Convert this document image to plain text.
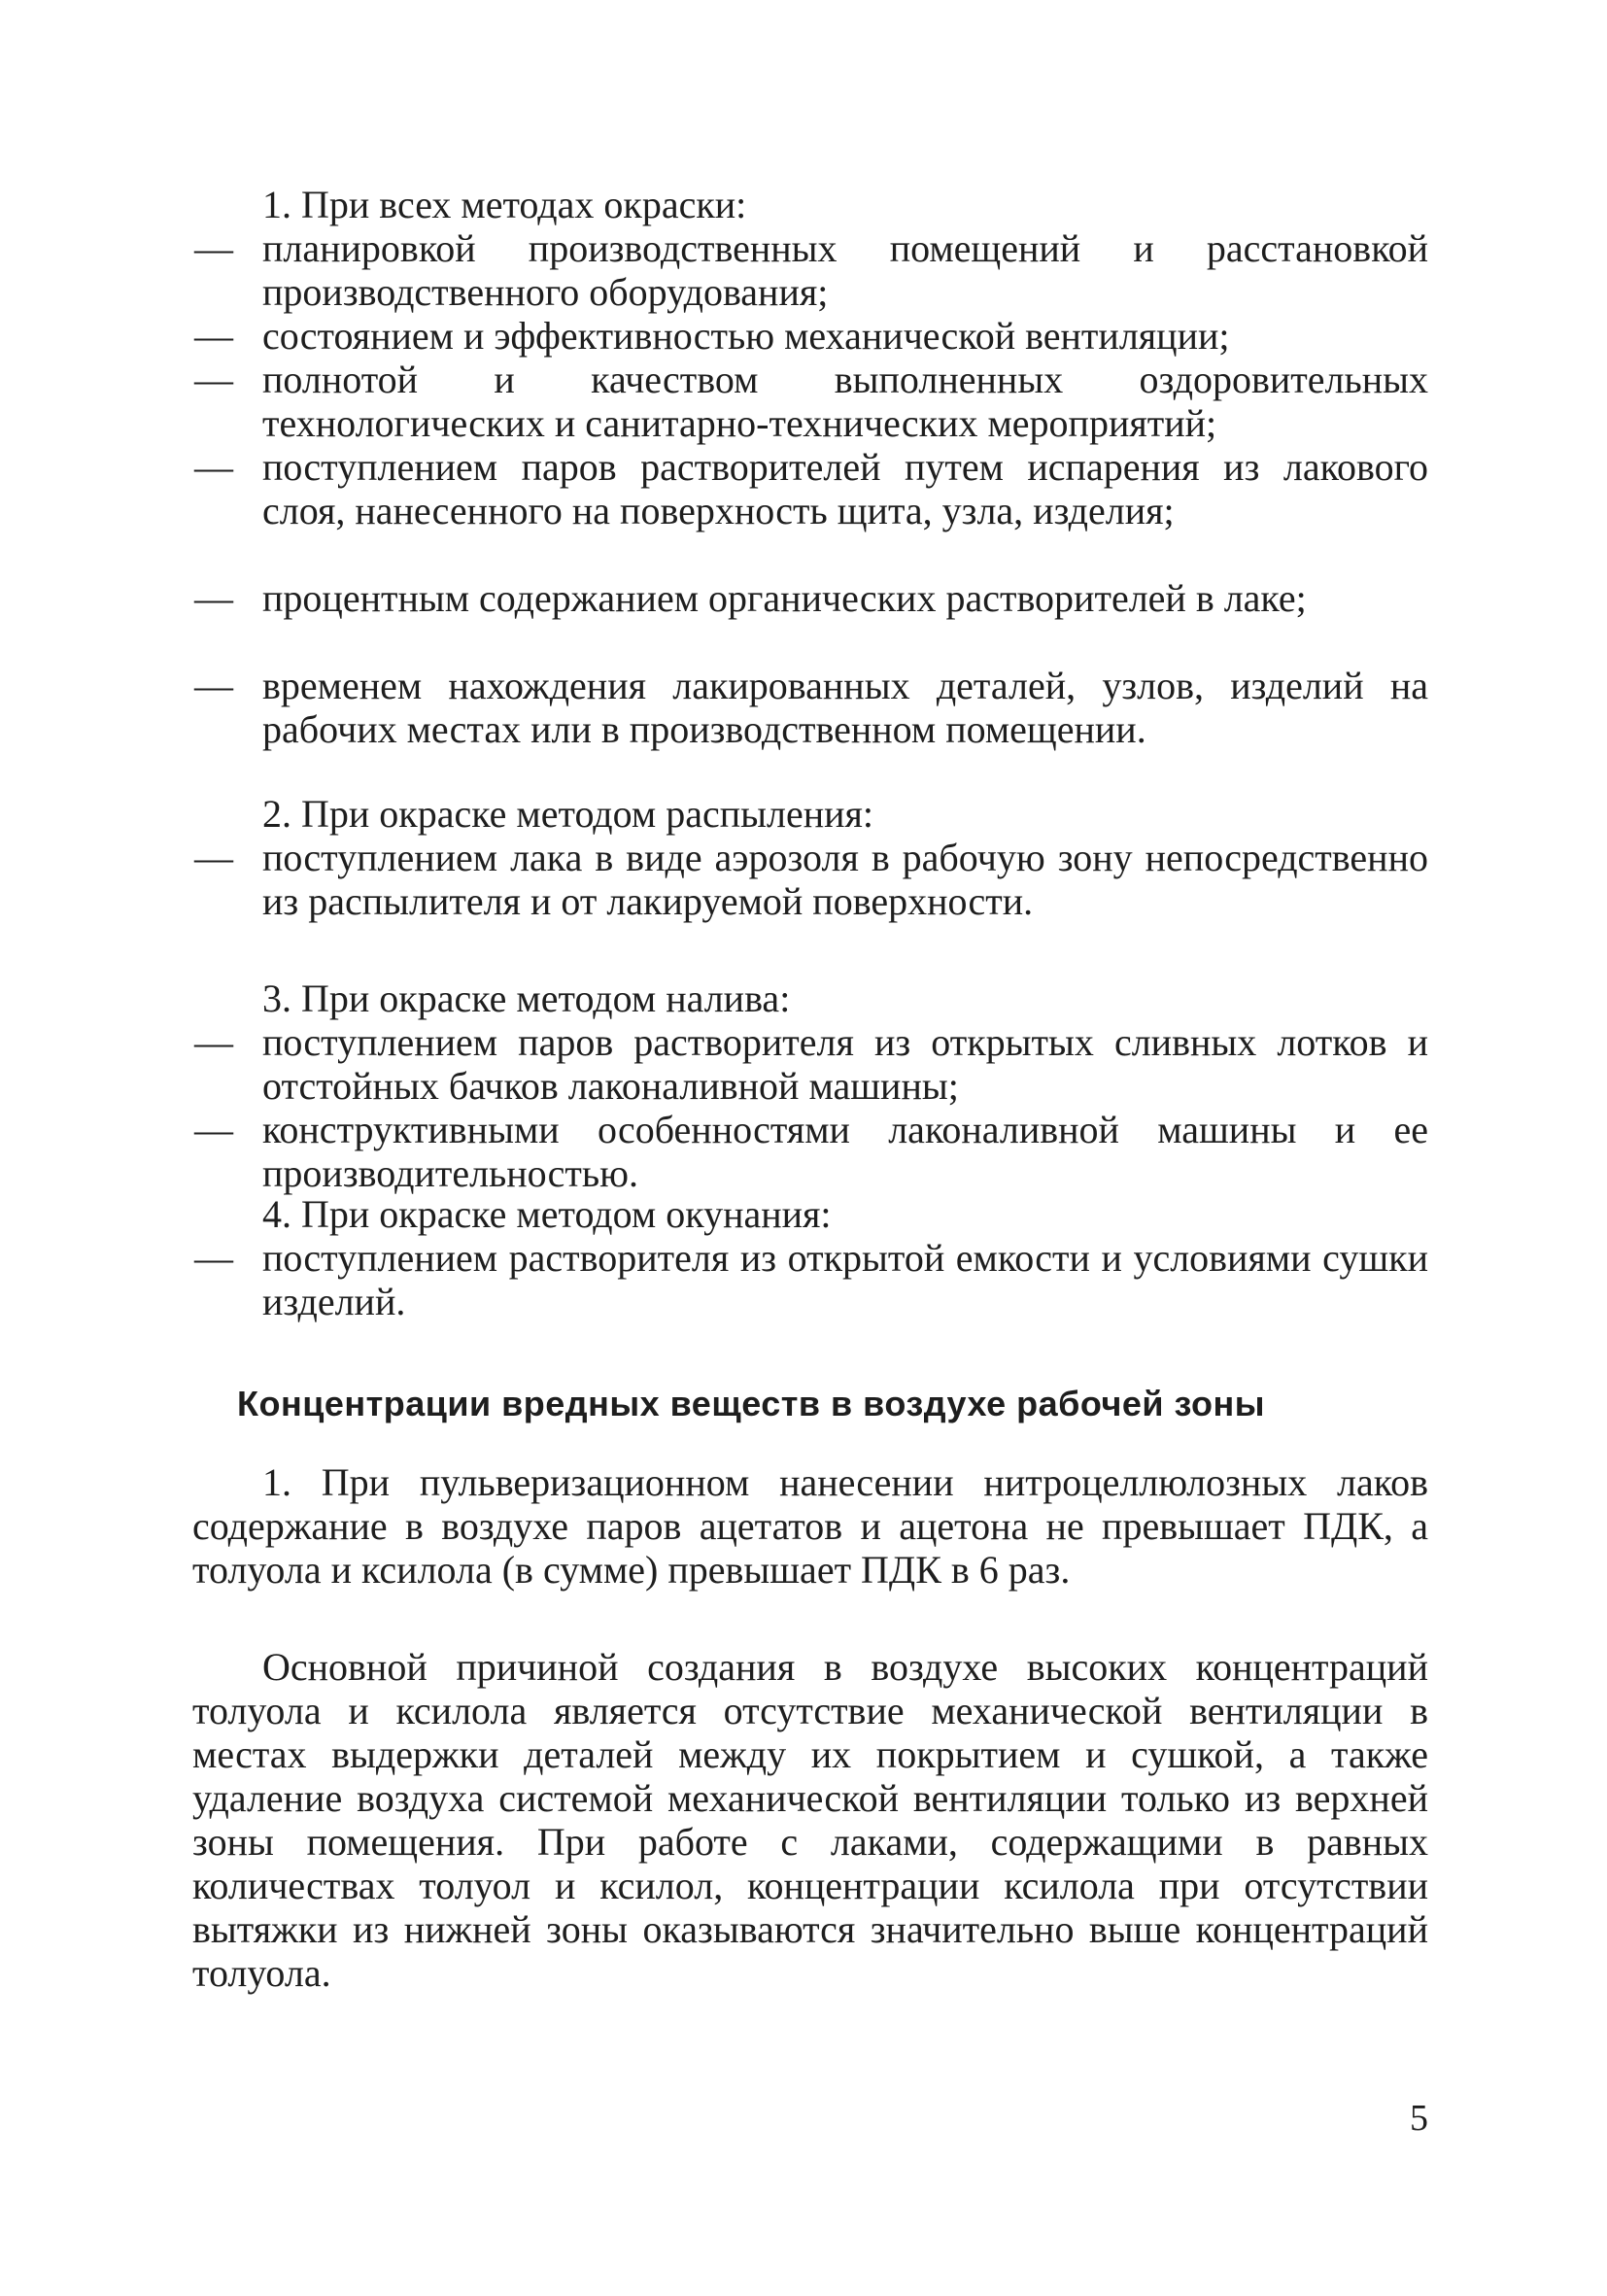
1. При всех методах окраски:

— планировкой производственных помещений и расстановкой производственного оборудования;

— состоянием и эффективностью механической вентиляции;

— полнотой и качеством выполненных оздоровительных технологических и санитарно-технических мероприятий;

— поступлением паров растворителей путем испарения из лакового слоя, нанесенного на поверхность щита, узла, изделия;

— процентным содержанием органических растворителей в лаке;

— временем нахождения лакированных деталей, узлов, изделий на рабочих местах или в производственном помещении.

2. При окраске методом распыления:

— поступлением лака в виде аэрозоля в рабочую зону непосредственно из распылителя и от лакируемой поверхности.

3. При окраске методом налива:

— поступлением паров растворителя из открытых сливных лотков и отстойных бачков лаконаливной машины;

— конструктивными особенностями лаконаливной машины и ее производительностью.

4. При окраске методом окунания:

— поступлением растворителя из открытой емкости и условиями сушки изделий.

Концентрации вредных веществ в воздухе рабочей зоны

1. При пульверизационном нанесении нитроцеллюлозных лаков содержание в воздухе паров ацетатов и ацетона не превышает ПДК, а толуола и ксилола (в сумме) превышает ПДК в 6 раз.

Основной причиной создания в воздухе высоких концентраций толуола и ксилола является отсутствие механической вентиляции в местах выдержки деталей между их покрытием и сушкой, а также удаление воздуха системой механической вентиляции только из верхней зоны помещения. При работе с лаками, содержащими в равных количествах толуол и ксилол, концентрации ксилола при отсутствии вытяжки из нижней зоны оказываются значительно выше концентраций толуола.

5
